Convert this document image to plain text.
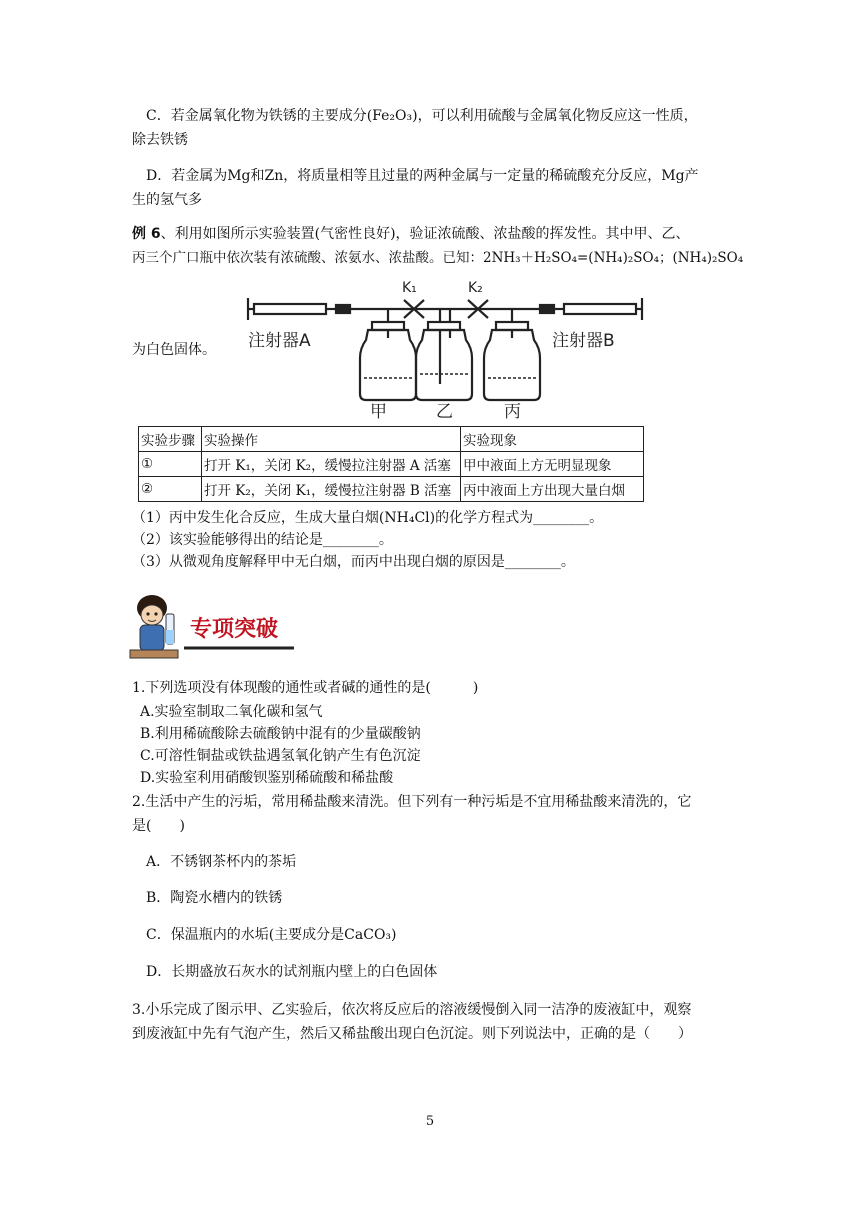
C．若金属氧化物为铁锈的主要成分(Fe₂O₃)，可以利用硫酸与金属氧化物反应这一性质，
除去铁锈
D．若金属为Mg和Zn，将质量相等且过量的两种金属与一定量的稀硫酸充分反应，Mg产
生的氢气多
例 6、利用如图所示实验装置(气密性良好)，验证浓硫酸、浓盐酸的挥发性。其中甲、乙、
丙三个广口瓶中依次装有浓硫酸、浓氨水、浓盐酸。已知：2NH₃＋H₂SO₄=(NH₄)₂SO₄；(NH₄)₂SO₄
为白色固体。 注射器A	注射器B
K₁	K₂
甲	乙	丙
实验步骤	实验操作	实验现象
①	打开 K₁，关闭 K₂，缓慢拉注射器 A 活塞	甲中液面上方无明显现象
②	打开 K₂，关闭 K₁，缓慢拉注射器 B 活塞	丙中液面上方出现大量白烟
（1）丙中发生化合反应，生成大量白烟(NH₄Cl)的化学方程式为________。
（2）该实验能够得出的结论是________。
（3）从微观角度解释甲中无白烟，而丙中出现白烟的原因是________。
专项突破
1.下列选项没有体现酸的通性或者碱的通性的是(　　　)
A.实验室制取二氧化碳和氢气
B.利用稀硫酸除去硫酸钠中混有的少量碳酸钠
C.可溶性铜盐或铁盐遇氢氧化钠产生有色沉淀
D.实验室利用硝酸钡鉴别稀硫酸和稀盐酸
2.生活中产生的污垢，常用稀盐酸来清洗。但下列有一种污垢是不宜用稀盐酸来清洗的，它
是(　　)
A．不锈钢茶杯内的茶垢
B．陶瓷水槽内的铁锈
C．保温瓶内的水垢(主要成分是CaCO₃)
D．长期盛放石灰水的试剂瓶内壁上的白色固体
3.小乐完成了图示甲、乙实验后，依次将反应后的溶液缓慢倒入同一洁净的废液缸中，观察
到废液缸中先有气泡产生，然后又稀盐酸出现白色沉淀。则下列说法中，正确的是（　　）
5
